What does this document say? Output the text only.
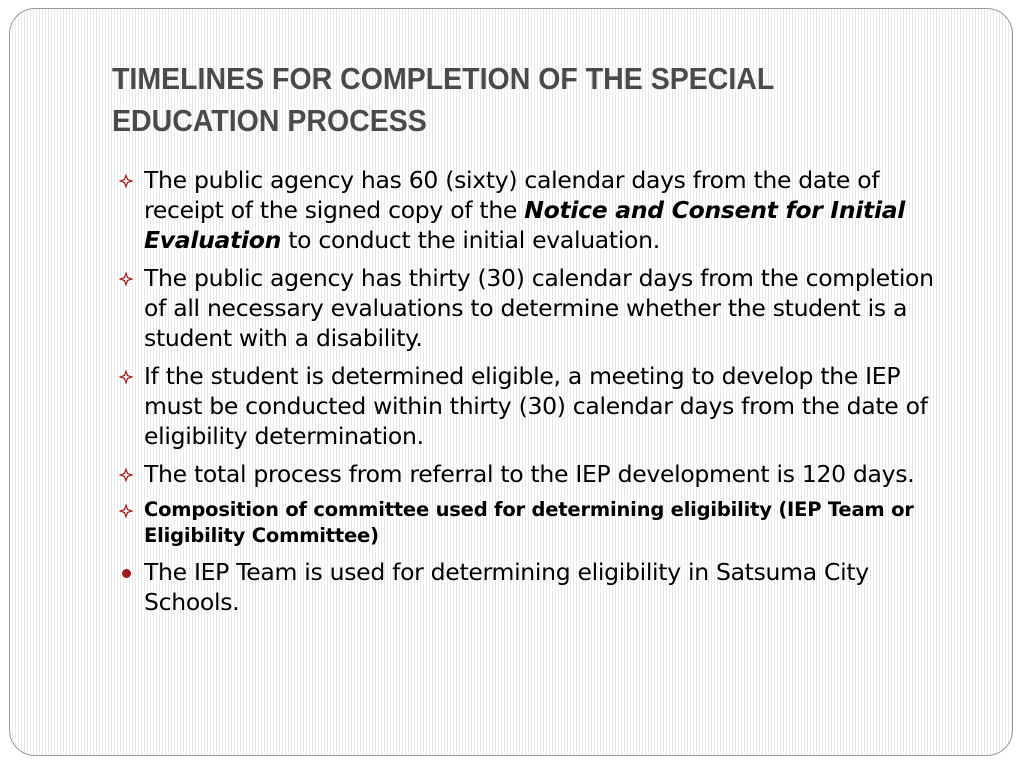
TIMELINES FOR COMPLETION OF THE SPECIAL EDUCATION PROCESS
The public agency has 60 (sixty) calendar days from the date of receipt of the signed copy of the Notice and Consent for Initial Evaluation to conduct the initial evaluation.
The public agency has thirty (30) calendar days from the completion of all necessary evaluations to determine whether the student is a student with a disability.
If the student is determined eligible, a meeting to develop the IEP must be conducted within thirty (30) calendar days from the date of eligibility determination.
The total process from referral to the IEP development is 120 days.
Composition of committee used for determining eligibility (IEP Team or Eligibility Committee)
The IEP Team is used for determining eligibility in Satsuma City Schools.
